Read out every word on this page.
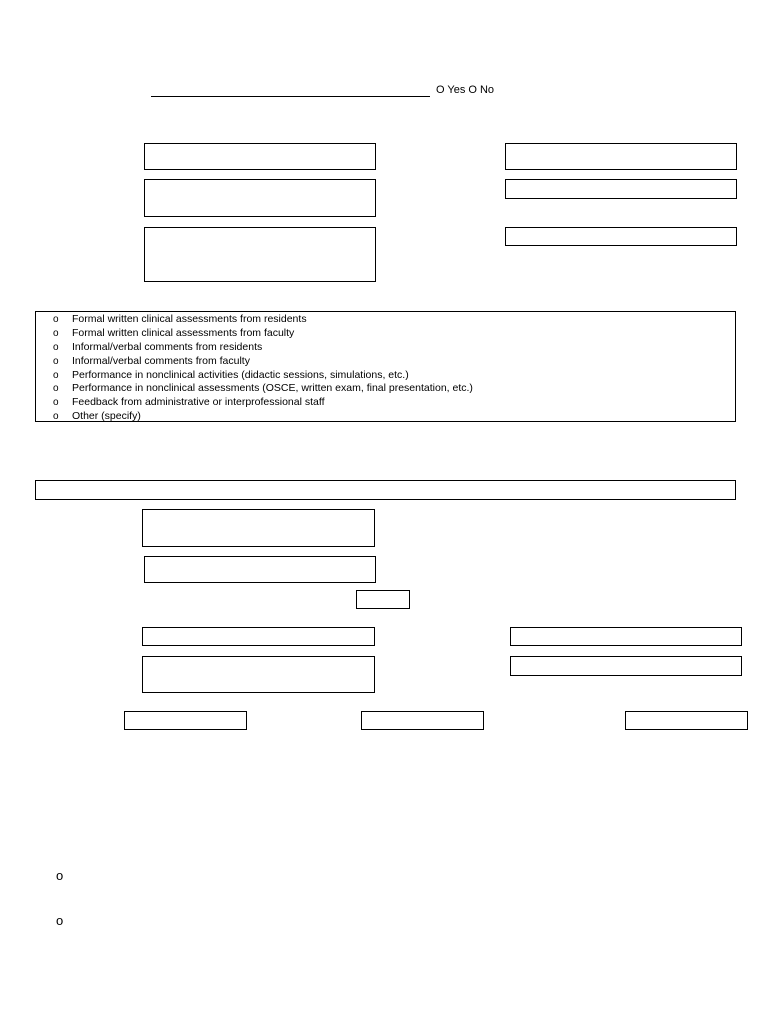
O Yes O No
o Formal written clinical assessments from residents
o Formal written clinical assessments from faculty
o Informal/verbal comments from residents
o Informal/verbal comments from faculty
o Performance in nonclinical activities (didactic sessions, simulations, etc.)
o Performance in nonclinical assessments (OSCE, written exam, final presentation, etc.)
o Feedback from administrative or interprofessional staff
o Other (specify)
o
o
